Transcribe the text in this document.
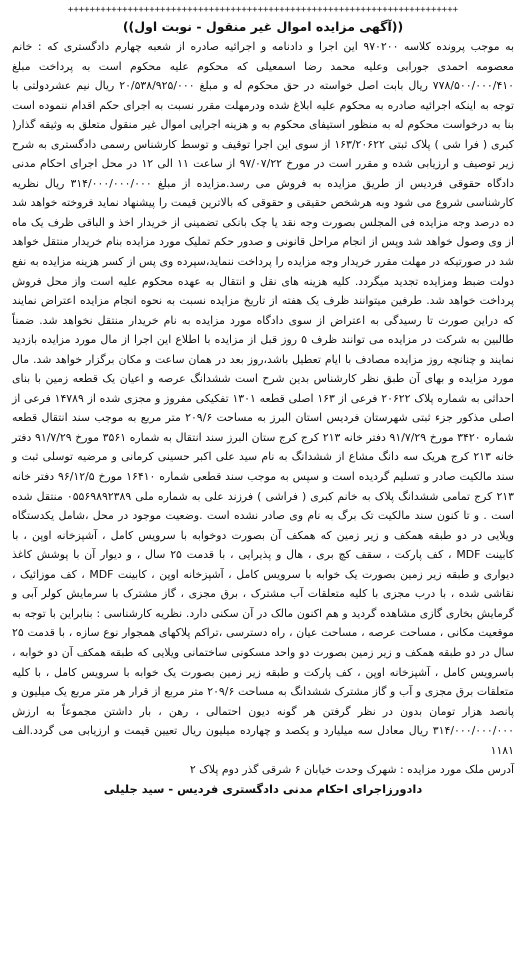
++++++++++++++++++++++++++++++++++++++++++++++++++++++++++++++++++++++++
((آگهی مزایده اموال غیر منقول - نوبت اول))

به موجب پرونده کلاسه ۹۷۰۲۰۰ این اجرا و دادنامه و اجرائیه صادره از شعبه چهارم دادگستری که : خانم معصومه احمدی جورابی وعلیه محمد رضا اسمعیلی که محکوم علیه محکوم است به پرداخت مبلغ ۷۷۸/۵۰۰/۰۰۰/۴۱۰ ریال بابت اصل خواسته در حق محکوم له و مبلغ ۲۰/۵۳۸/۹۲۵/۰۰۰ ریال نیم عشردولتی با توجه به اینکه اجرائیه صادره به محکوم علیه ابلاغ شده ودرمهلت مقرر نسبت به اجرای حکم اقدام ننموده است بنا به درخواست محکوم له به منظور استیفای محکوم به و هزینه اجرایی اموال غیر منقول متعلق به وثیقه گذار( کبری ( فرا شی ) پلاک ثبتی ۱۶۳/۲۰۶۲۲ از سوی این اجرا توقیف و توسط کارشناس رسمی دادگستری به شرح زیر توصیف و ارزیابی شده و مقرر است در مورخ ۹۷/۰۷/۲۲ از ساعت ۱۱ الی ۱۲ در محل اجرای احکام مدنی دادگاه حقوقی فردیس از طریق مزایده به فروش می رسد.مزایده از مبلغ ۳۱۴/۰۰۰/۰۰۰/۰۰۰ ریال نظریه کارشناسی شروع می شود وبه هرشخص حقیقی و حقوقی که بالاترین قیمت را پیشنهاد نماید فروخته خواهد شد ده درصد وجه مزایده فی المجلس بصورت وجه نقد یا چک بانکی تضمینی از خریدار اخذ و الباقی ظرف یک ماه از وی وصول خواهد شد وپس از انجام مراحل قانونی و صدور حکم تملیک مورد مزایده بنام خریدار منتقل خواهد شد در صورتیکه در مهلت مقرر خریدار وجه مزایده را پرداخت ننماید،سپرده وی پس از کسر هزینه مزایده به نفع دولت ضبط ومزایده تجدید میگردد. کلیه هزینه های نقل و انتقال به عهده محکوم علیه است واز محل فروش پرداخت خواهد شد. طرفین میتوانند ظرف یک هفته از تاریخ مزایده نسبت به نحوه انجام مزایده اعتراض نمایند که دراین صورت تا رسیدگی به اعتراض از سوی دادگاه مورد مزایده به نام خریدار منتقل نخواهد شد. ضمناً طالبین به شرکت در مزایده می توانند ظرف ۵ روز قبل از مزایده با اطلاع این اجرا از مال مورد مزایده بازدید نمایند و چنانچه روز مزایده مصادف با ایام تعطیل باشد،روز بعد در همان ساعت و مکان برگزار خواهد شد. مال مورد مزایده و بهای آن طبق نظر کارشناس بدین شرح است ششدانگ عرصه و اعیان یک قطعه زمین با بنای احداثی به شماره پلاک ۲۰۶۲۲ فرعی از ۱۶۳ اصلی قطعه ۱۳۰۱ تفکیکی مفروز و مجزی شده از ۱۴۷۸۹ فرعی از اصلی مذکور جزء ثبتی شهرستان فردیس استان البرز به مساحت ۲۰۹/۶ متر مربع به موجب سند انتقال قطعه شماره ۳۴۲۰ مورخ ۹۱/۷/۲۹ دفتر خانه ۲۱۳ کرج کرج ستان البرز سند انتقال به شماره ۳۵۶۱ مورخ ۹۱/۷/۲۹ دفتر خانه ۲۱۳ کرج هریک سه دانگ مشاع از ششدانگ به نام سید علی اکبر حسینی کرمانی و مرضیه توسلی ثبت و سند مالکیت صادر و تسلیم گردیده است و سپس به موجب سند قطعی شماره ۱۶۴۱۰ مورخ ۹۶/۱۲/۵ دفتر خانه ۲۱۳ کرج تمامی ششدانگ پلاک به خانم کبری ( فراشی ) فرزند علی به شماره ملی ۰۵۵۶۹۸۹۲۳۸۹ منتقل شده است . و تا کنون سند مالکیت تک برگ به نام وی صادر نشده است .وضعیت موجود در محل ،شامل یکدستگاه ویلایی در دو طبقه همکف و زیر زمین که همکف آن بصورت دوخوابه با سرویس کامل ، آشپزخانه اوپن ، با کابینت MDF ، کف پارکت ، سقف کچ بری ، هال و پذیرایی ، با قدمت ۲۵ سال ، و دیوار آن با پوشش کاغذ دیواری و طبقه زیر زمین بصورت یک خوابه با سرویس کامل ، آشپزخانه اوپن ، کابینت MDF ، کف موزائیک ، نقاشی شده ، با درب مجزی با کلیه متعلقات آب مشترک ، برق مجزی ، گاز مشترک با سرمایش کولر آبی و گرمایش بخاری گازی مشاهده گردید و هم اکنون مالک در آن سکنی دارد. نظریه کارشناسی : بنابراین با توجه به موقعیت مکانی ، مساحت عرصه ، مساحت عیان ، راه دسترسی ،تراکم پلاکهای همجوار نوع سازه ، با قدمت ۲۵ سال در دو طبقه همکف و زیر زمین بصورت دو واحد مسکونی ساختمانی ویلایی که طبقه همکف آن دو خوابه ، باسرویس کامل ، آشپزخانه اوپن ، کف پارکت و طبقه زیر زمین بصورت یک خوابه با سرویس کامل ، با کلیه متعلقات برق مجزی و آب و گاز مشترک ششدانگ به مساحت ۲۰۹/۶ متر مربع از قرار هر متر مربع یک میلیون و پانصد هزار تومان بدون در نظر گرفتن هر گونه دیون احتمالی ، رهن ، بار داشتن مجموعاً به ارزش ۳۱۴/۰۰۰/۰۰۰/۰۰۰ ریال معادل سه میلیارد و یکصد و چهارده میلیون ریال تعیین قیمت و ارزیابی می گردد.الف ۱۱۸۱

آدرس ملک مورد مزایده : شهرک وحدت خیابان ۶ شرقی گذر دوم پلاک ۲

دادورزاجرای احکام مدنی دادگستری فردیس - سید جلیلی
